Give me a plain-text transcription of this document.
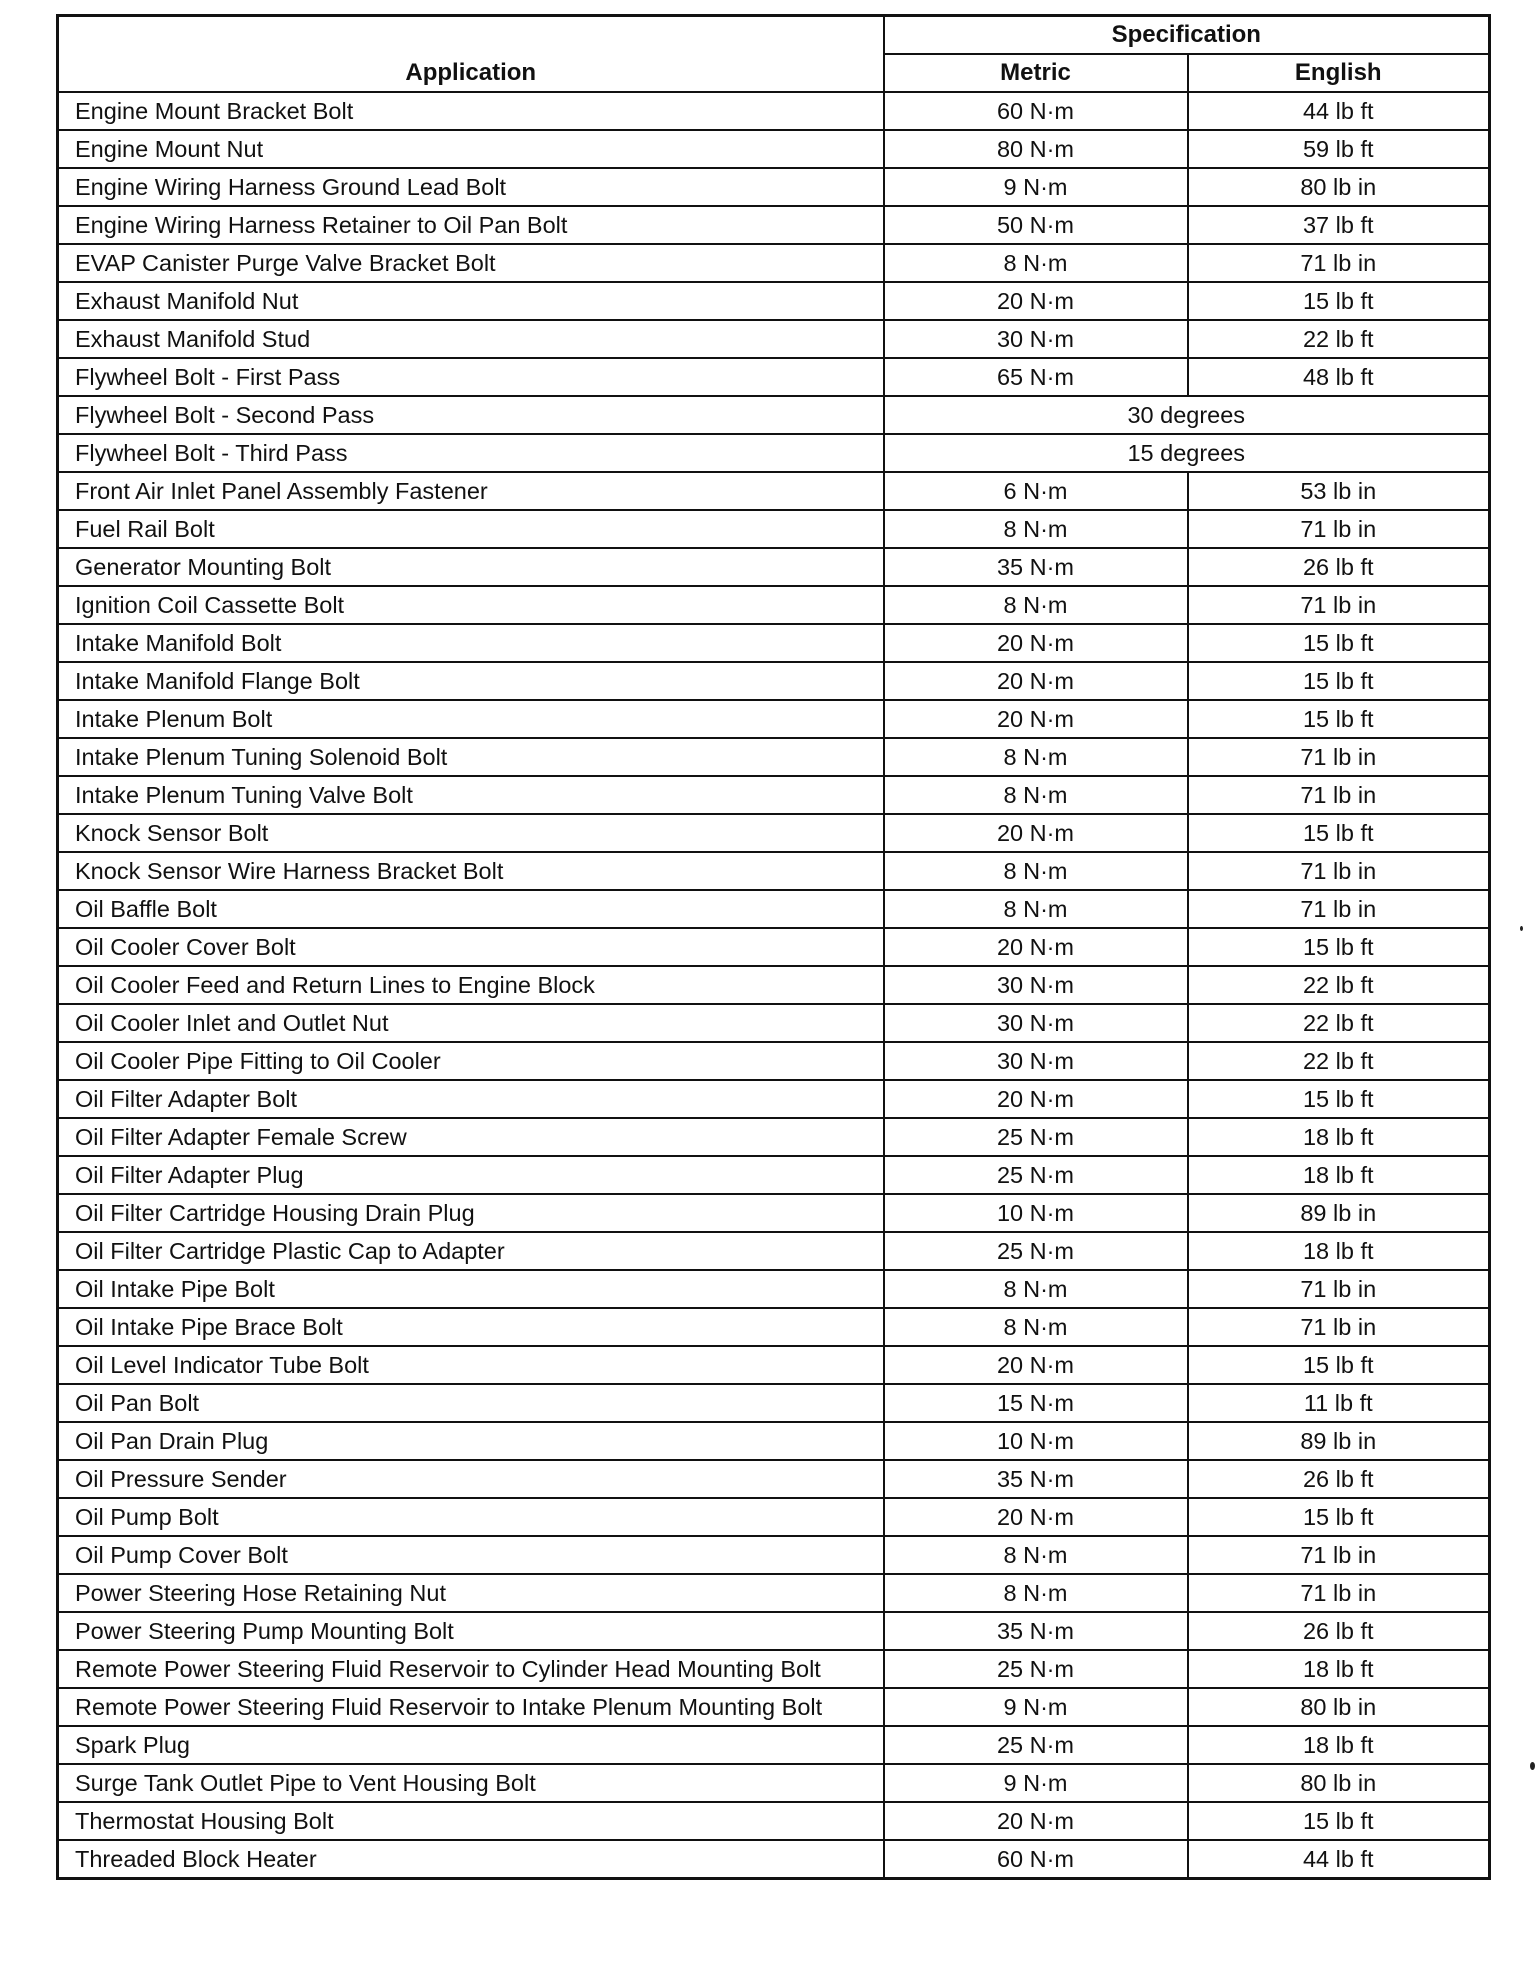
Application	Specification	
	Metric	English
Engine Mount Bracket Bolt	60 N·m	44 lb ft
Engine Mount Nut	80 N·m	59 lb ft
Engine Wiring Harness Ground Lead Bolt	9 N·m	80 lb in
Engine Wiring Harness Retainer to Oil Pan Bolt	50 N·m	37 lb ft
EVAP Canister Purge Valve Bracket Bolt	8 N·m	71 lb in
Exhaust Manifold Nut	20 N·m	15 lb ft
Exhaust Manifold Stud	30 N·m	22 lb ft
Flywheel Bolt - First Pass	65 N·m	48 lb ft
Flywheel Bolt - Second Pass	30 degrees	
Flywheel Bolt - Third Pass	15 degrees	
Front Air Inlet Panel Assembly Fastener	6 N·m	53 lb in
Fuel Rail Bolt	8 N·m	71 lb in
Generator Mounting Bolt	35 N·m	26 lb ft
Ignition Coil Cassette Bolt	8 N·m	71 lb in
Intake Manifold Bolt	20 N·m	15 lb ft
Intake Manifold Flange Bolt	20 N·m	15 lb ft
Intake Plenum Bolt	20 N·m	15 lb ft
Intake Plenum Tuning Solenoid Bolt	8 N·m	71 lb in
Intake Plenum Tuning Valve Bolt	8 N·m	71 lb in
Knock Sensor Bolt	20 N·m	15 lb ft
Knock Sensor Wire Harness Bracket Bolt	8 N·m	71 lb in
Oil Baffle Bolt	8 N·m	71 lb in
Oil Cooler Cover Bolt	20 N·m	15 lb ft
Oil Cooler Feed and Return Lines to Engine Block	30 N·m	22 lb ft
Oil Cooler Inlet and Outlet Nut	30 N·m	22 lb ft
Oil Cooler Pipe Fitting to Oil Cooler	30 N·m	22 lb ft
Oil Filter Adapter Bolt	20 N·m	15 lb ft
Oil Filter Adapter Female Screw	25 N·m	18 lb ft
Oil Filter Adapter Plug	25 N·m	18 lb ft
Oil Filter Cartridge Housing Drain Plug	10 N·m	89 lb in
Oil Filter Cartridge Plastic Cap to Adapter	25 N·m	18 lb ft
Oil Intake Pipe Bolt	8 N·m	71 lb in
Oil Intake Pipe Brace Bolt	8 N·m	71 lb in
Oil Level Indicator Tube Bolt	20 N·m	15 lb ft
Oil Pan Bolt	15 N·m	11 lb ft
Oil Pan Drain Plug	10 N·m	89 lb in
Oil Pressure Sender	35 N·m	26 lb ft
Oil Pump Bolt	20 N·m	15 lb ft
Oil Pump Cover Bolt	8 N·m	71 lb in
Power Steering Hose Retaining Nut	8 N·m	71 lb in
Power Steering Pump Mounting Bolt	35 N·m	26 lb ft
Remote Power Steering Fluid Reservoir to Cylinder Head Mounting Bolt	25 N·m	18 lb ft
Remote Power Steering Fluid Reservoir to Intake Plenum Mounting Bolt	9 N·m	80 lb in
Spark Plug	25 N·m	18 lb ft
Surge Tank Outlet Pipe to Vent Housing Bolt	9 N·m	80 lb in
Thermostat Housing Bolt	20 N·m	15 lb ft
Threaded Block Heater	60 N·m	44 lb ft
